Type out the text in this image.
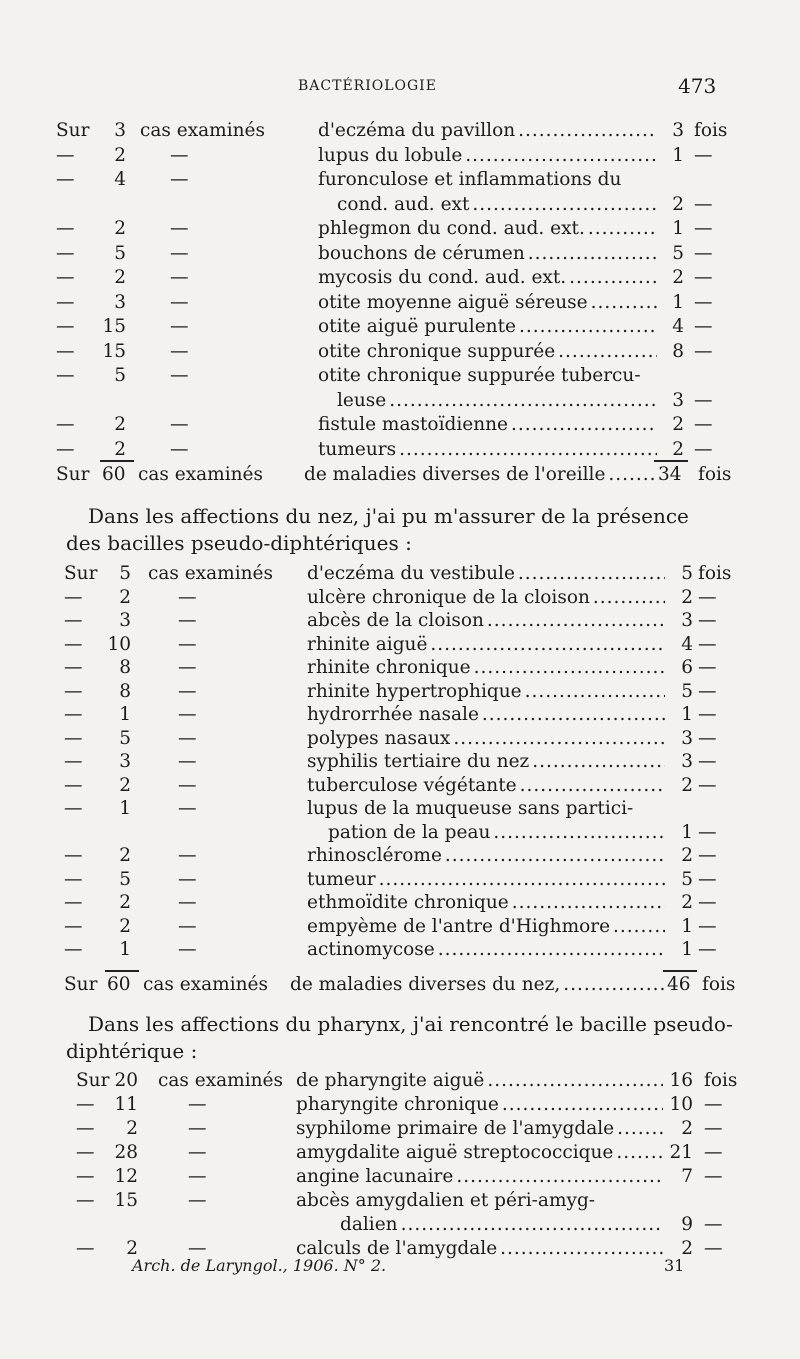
BACTÉRIOLOGIE	473
Sur	3 cas examinés	d'eczéma du pavillon .....	3 fois
—	2 —	lupus du lobule .....	1 —
—	4 —	furonculose et inflammations du
cond. aud. ext .....	2 —
—	2 —	phlegmon du cond. aud. ext. .....	1 —
—	5 —	bouchons de cérumen .....	5 —
—	2 —	mycosis du cond. aud. ext. .....	2 —
—	3 —	otite moyenne aiguë séreuse .....	1 —
— 15 —	otite aiguë purulente .....	4 —
— 15 —	otite chronique suppurée .....	8 —
—	5 —	otite chronique suppurée tubercu-
leuse .....	3 —
—	2 —	fistule mastoïdienne .....	2 —
—	2 —	tumeurs .....	2 —
Sur 60 cas examinés de maladies diverses de l'oreille .....	34 fois
Dans les affections du nez, j'ai pu m'assurer de la présence
des bacilles pseudo-diphtériques :
Sur	5 cas examinés d'eczéma du vestibule .....	5 fois
—	2	—	ulcère chronique de la cloison .....	2 —
—	3	—	abcès de la cloison .....	3 —
— 10	—	rhinite aiguë .....	4 —
—	8	—	rhinite chronique .....	6 —
—	8	—	rhinite hypertrophique .....	5 —
—	1	—	hydrorrhée nasale .....	1 —
—	5	—	polypes nasaux .....	3 —
—	3	—	syphilis tertiaire du nez .....	3 —
—	2	—	tuberculose végétante .....	2 —
—	1	—	lupus de la muqueuse sans partici-
pation de la peau .....	1 —
—	2	—	rhinosclérome .....	2 —
—	5	—	tumeur .....	5 —
—	2	—	ethmoïdite chronique .....	2 —
—	2	—	empyème de l'antre d'Highmore .....	1 —
—	1	—	actinomycose .....	1 —
Sur 60 cas examinés de maladies diverses du nez, .....	46 fois
Dans les affections du pharynx, j'ai rencontré le bacille pseudo-
diphtérique :
Sur 20 cas examinés de pharyngite aiguë .....	16 fois
— 11	—	pharyngite chronique .....	10 —
—	2	—	syphilome primaire de l'amygdale .....	2 —
— 28	—	amygdalite aiguë streptococcique .....	21 —
— 12	—	angine lacunaire .....	7 —
— 15	—	abcès amygdalien et péri-amyg-
dalien .....	9 —
—	2	—	calculs de l'amygdale .....	2 —
Arch. de Laryngol., 1906. N° 2.	31
